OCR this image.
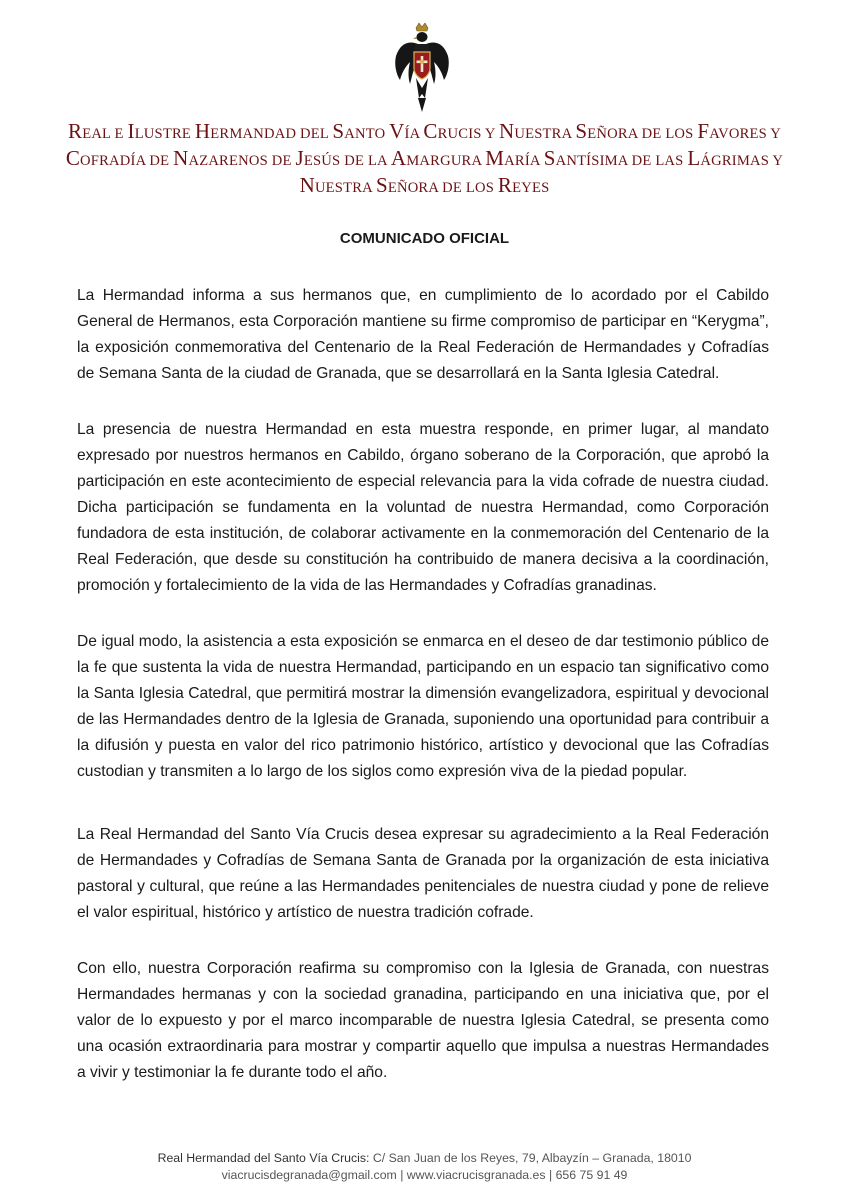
REAL E ILUSTRE HERMANDAD DEL SANTO VÍA CRUCIS Y NUESTRA SEÑORA DE LOS FAVORES Y
COFRADÍA DE NAZARENOS DE JESÚS DE LA AMARGURA MARÍA SANTÍSIMA DE LAS LÁGRIMAS Y
NUESTRA SEÑORA DE LOS REYES
COMUNICADO OFICIAL

La Hermandad informa a sus hermanos que, en cumplimiento de lo acordado por el Cabildo General de Hermanos, esta Corporación mantiene su firme compromiso de participar en “Kerygma”, la exposición conmemorativa del Centenario de la Real Federación de Hermandades y Cofradías de Semana Santa de la ciudad de Granada, que se desarrollará en la Santa Iglesia Catedral.

La presencia de nuestra Hermandad en esta muestra responde, en primer lugar, al mandato expresado por nuestros hermanos en Cabildo, órgano soberano de la Corporación, que aprobó la participación en este acontecimiento de especial relevancia para la vida cofrade de nuestra ciudad. Dicha participación se fundamenta en la voluntad de nuestra Hermandad, como Corporación fundadora de esta institución, de colaborar activamente en la conmemoración del Centenario de la Real Federación, que desde su constitución ha contribuido de manera decisiva a la coordinación, promoción y fortalecimiento de la vida de las Hermandades y Cofradías granadinas.

De igual modo, la asistencia a esta exposición se enmarca en el deseo de dar testimonio público de la fe que sustenta la vida de nuestra Hermandad, participando en un espacio tan significativo como la Santa Iglesia Catedral, que permitirá mostrar la dimensión evangelizadora, espiritual y devocional de las Hermandades dentro de la Iglesia de Granada, suponiendo una oportunidad para contribuir a la difusión y puesta en valor del rico patrimonio histórico, artístico y devocional que las Cofradías custodian y transmiten a lo largo de los siglos como expresión viva de la piedad popular.

La Real Hermandad del Santo Vía Crucis desea expresar su agradecimiento a la Real Federación de Hermandades y Cofradías de Semana Santa de Granada por la organización de esta iniciativa pastoral y cultural, que reúne a las Hermandades penitenciales de nuestra ciudad y pone de relieve el valor espiritual, histórico y artístico de nuestra tradición cofrade.

Con ello, nuestra Corporación reafirma su compromiso con la Iglesia de Granada, con nuestras Hermandades hermanas y con la sociedad granadina, participando en una iniciativa que, por el valor de lo expuesto y por el marco incomparable de nuestra Iglesia Catedral, se presenta como una ocasión extraordinaria para mostrar y compartir aquello que impulsa a nuestras Hermandades a vivir y testimoniar la fe durante todo el año.

Real Hermandad del Santo Vía Crucis: C/ San Juan de los Reyes, 79, Albayzín – Granada, 18010
viacrucisdegranada@gmail.com | www.viacrucisgranada.es | 656 75 91 49
